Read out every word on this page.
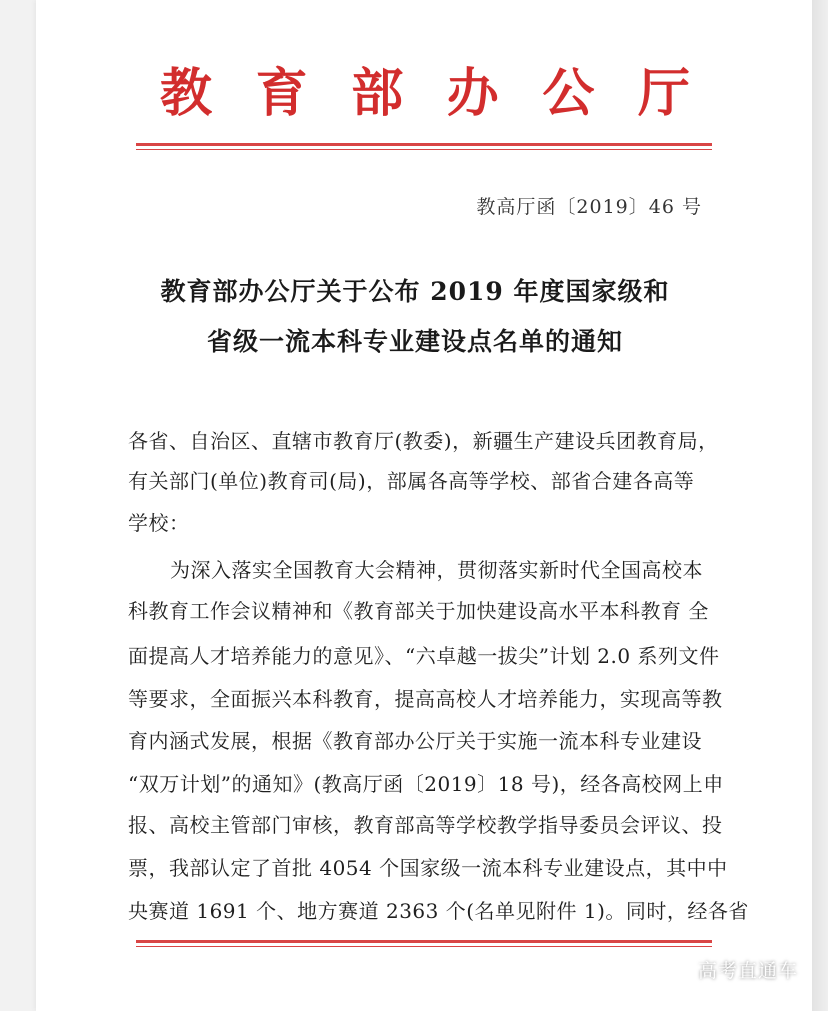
教 育 部 办 公 厅
教高厅函〔2019〕46 号
教育部办公厅关于公布 2019 年度国家级和
省级一流本科专业建设点名单的通知
各省、自治区、直辖市教育厅(教委)，新疆生产建设兵团教育局，
有关部门(单位)教育司(局)，部属各高等学校、部省合建各高等
学校：
为深入落实全国教育大会精神，贯彻落实新时代全国高校本
科教育工作会议精神和《教育部关于加快建设高水平本科教育 全
面提高人才培养能力的意见》、“六卓越一拔尖”计划 2.0 系列文件
等要求，全面振兴本科教育，提高高校人才培养能力，实现高等教
育内涵式发展，根据《教育部办公厅关于实施一流本科专业建设
“双万计划”的通知》(教高厅函〔2019〕18 号)，经各高校网上申
报、高校主管部门审核，教育部高等学校教学指导委员会评议、投
票，我部认定了首批 4054 个国家级一流本科专业建设点，其中中
央赛道 1691 个、地方赛道 2363 个(名单见附件 1)。同时，经各省
高考直通车
